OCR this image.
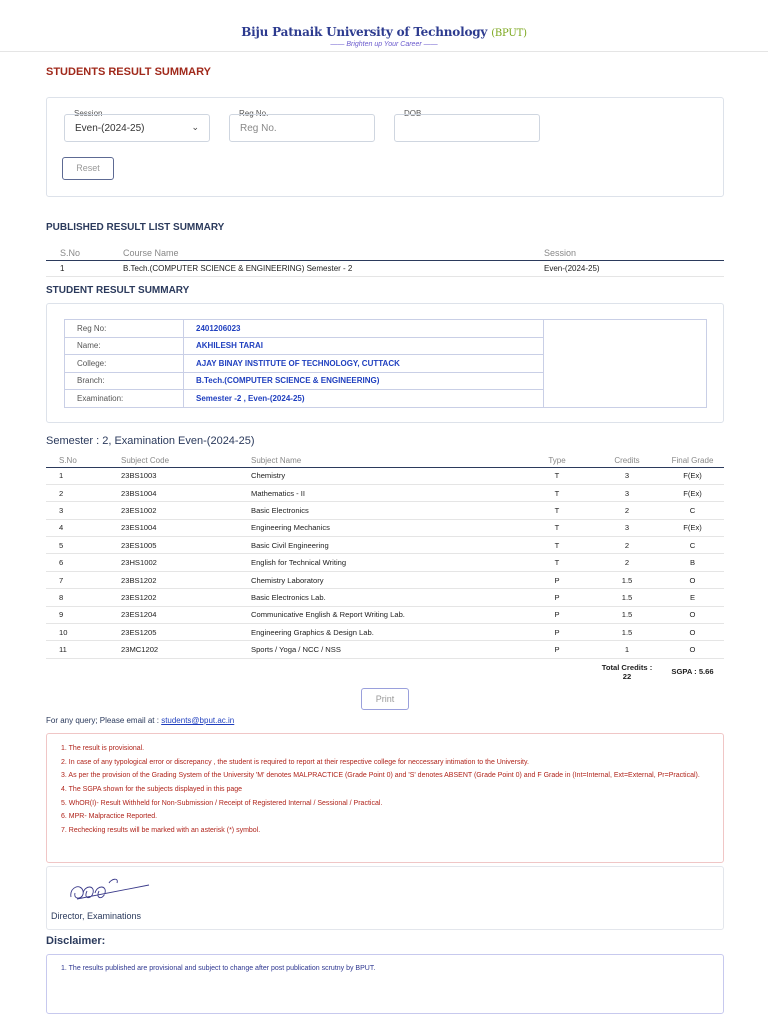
Biju Patnaik University of Technology (BPUT)
—— Brighten up Your Career ——
STUDENTS RESULT SUMMARY
Session
Even-(2024-25)	⌄
Reg No.
Reg No.
DOB
Reset
PUBLISHED RESULT LIST SUMMARY
S.No	Course Name	Session
1	B.Tech.(COMPUTER SCIENCE & ENGINEERING) Semester - 2	Even-(2024-25)
STUDENT RESULT SUMMARY
Reg No:	2401206023	
Name:	AKHILESH TARAI	
College:	AJAY BINAY INSTITUTE OF TECHNOLOGY, CUTTACK	
Branch:	B.Tech.(COMPUTER SCIENCE & ENGINEERING)	
Examination:	Semester -2 , Even-(2024-25)	
Semester : 2, Examination Even-(2024-25)
S.No	Subject Code	Subject Name	Type	Credits	Final Grade
1	23BS1003	Chemistry	T	3	F(Ex)
2	23BS1004	Mathematics - II	T	3	F(Ex)
3	23ES1002	Basic Electronics	T	2	C
4	23ES1004	Engineering Mechanics	T	3	F(Ex)
5	23ES1005	Basic Civil Engineering	T	2	C
6	23HS1002	English for Technical Writing	T	2	B
7	23BS1202	Chemistry Laboratory	P	1.5	O
8	23ES1202	Basic Electronics Lab.	P	1.5	E
9	23ES1204	Communicative English & Report Writing Lab.	P	1.5	O
10	23ES1205	Engineering Graphics & Design Lab.	P	1.5	O
11	23MC1202	Sports / Yoga / NCC / NSS	P	1	O
				Total Credits :
22	SGPA : 5.66
Print
For any query; Please email at : students@bput.ac.in
1. The result is provisional.
2. In case of any typological error or discrepancy , the student is required to report at their respective college for neccessary intimation to the University.
3. As per the provision of the Grading System of the University 'M' denotes MALPRACTICE (Grade Point 0) and 'S' denotes ABSENT (Grade Point 0) and F Grade in (Int=Internal, Ext=External, Pr=Practical).
4. The SGPA shown for the subjects displayed in this page
5. WhOR(I)- Result Withheld for Non-Submission / Receipt of Registered Internal / Sessional / Practical.
6. MPR- Malpractice Reported.
7. Rechecking results will be marked with an asterisk (*) symbol.
Director, Examinations
Disclaimer:
1. The results published are provisional and subject to change after post publication scrutny by BPUT.
